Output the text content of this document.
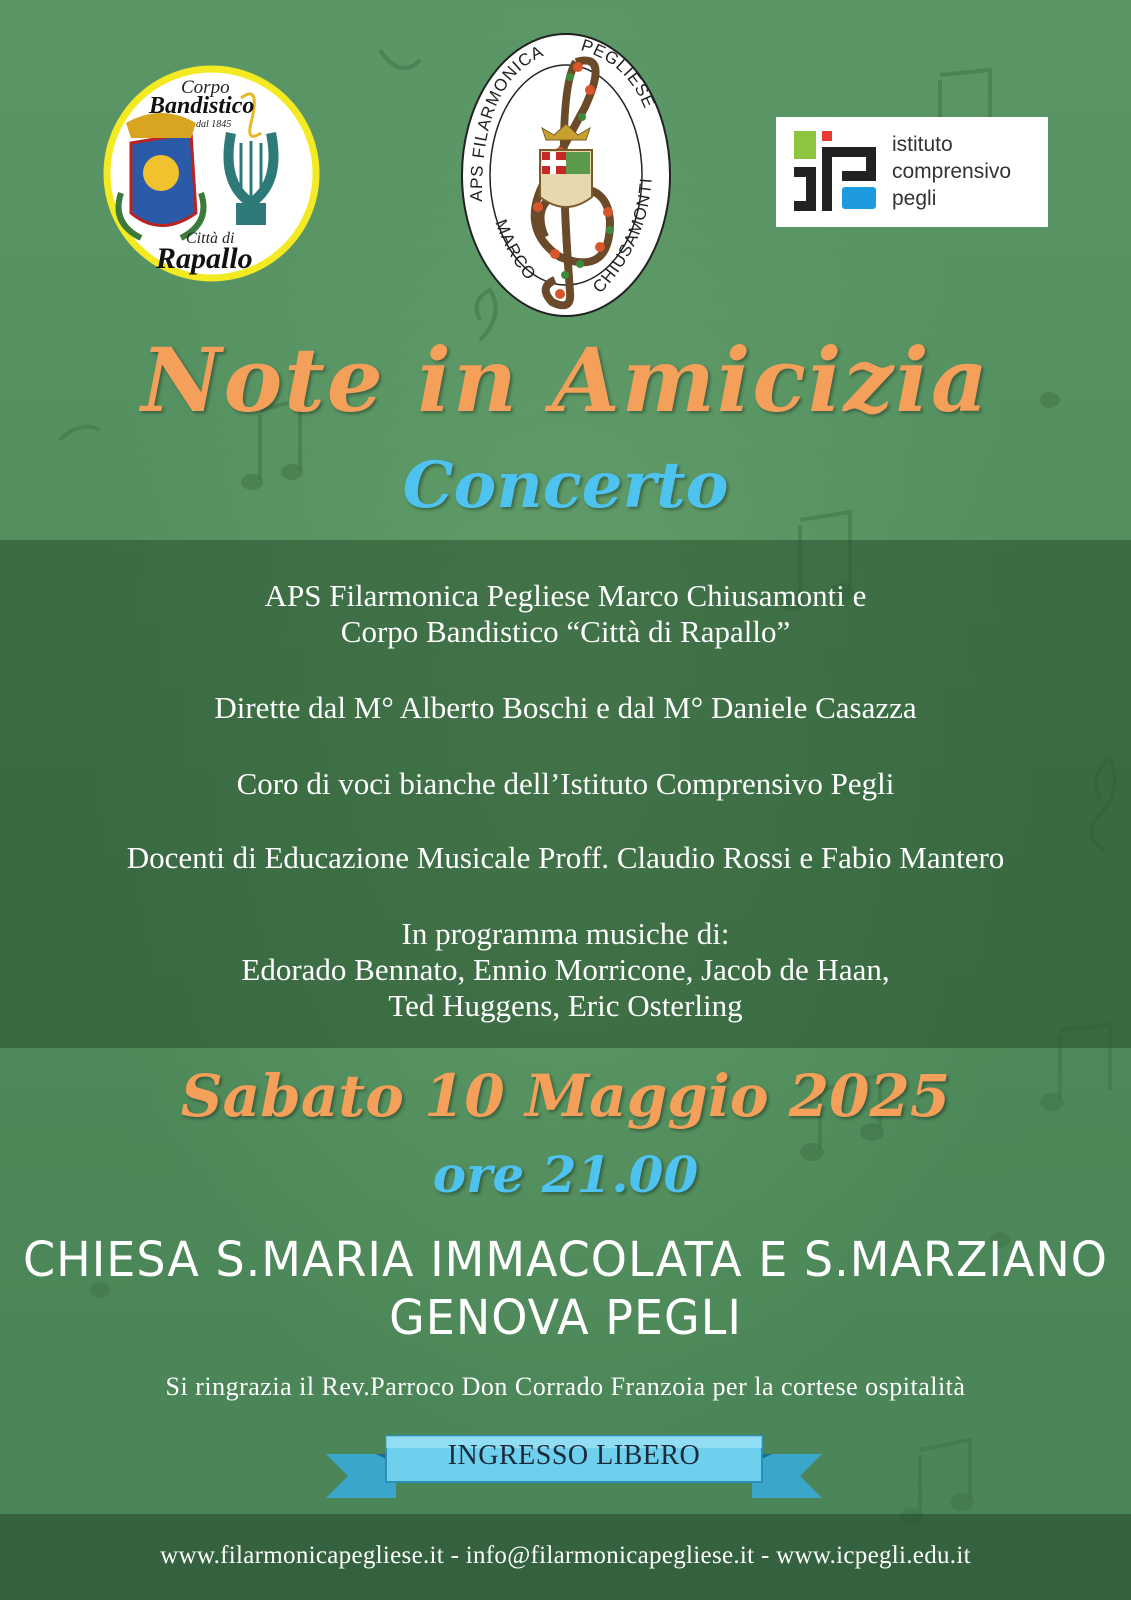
Corpo
Bandistico
dal 1845
Città di
Rapallo
APS FILARMONICA PEGLIESE
MARCO
CHIUSAMONTI
istituto
comprensivo
pegli
Note in Amicizia
Concerto
APS Filarmonica Pegliese Marco Chiusamonti e
Corpo Bandistico “Città di Rapallo”
Dirette dal M° Alberto Boschi e dal M° Daniele Casazza
Coro di voci bianche dell’Istituto Comprensivo Pegli
Docenti di Educazione Musicale Proff. Claudio Rossi e Fabio Mantero
In programma musiche di:
Edorado Bennato, Ennio Morricone, Jacob de Haan,
Ted Huggens, Eric Osterling
Sabato 10 Maggio 2025
ore 21.00
CHIESA S.MARIA IMMACOLATA E S.MARZIANO
GENOVA PEGLI
Si ringrazia il Rev.Parroco Don Corrado Franzoia per la cortese ospitalità
INGRESSO LIBERO
www.filarmonicapegliese.it - info@filarmonicapegliese.it - www.icpegli.edu.it
